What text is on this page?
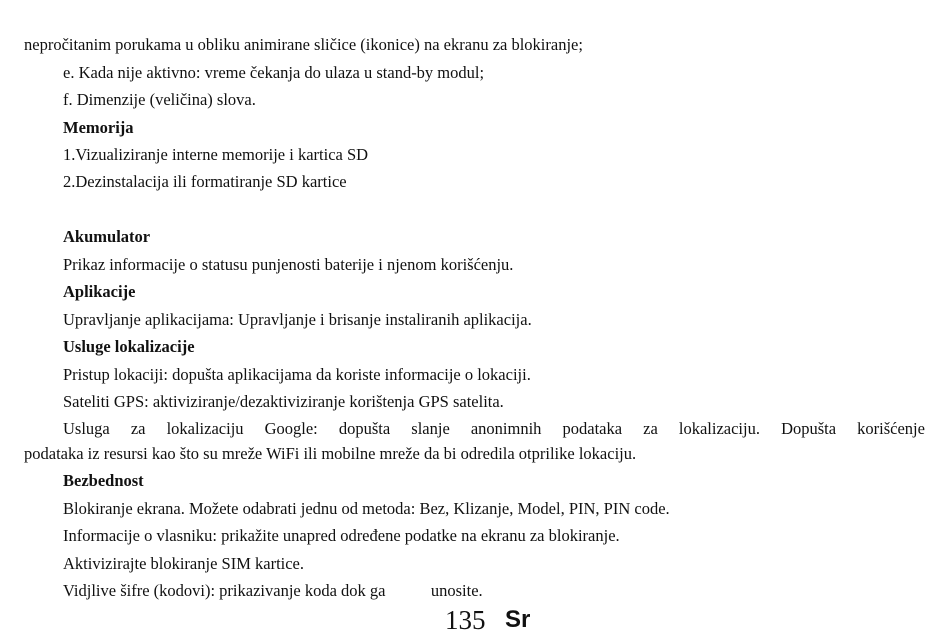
nepročitanim porukama u obliku animirane sličice (ikonice) na ekranu za blokiranje;
e. Kada nije aktivno: vreme čekanja do ulaza u stand-by modul;
f. Dimenzije (veličina) slova.
Memorija
1.Vizualiziranje interne memorije i kartica SD
2.Dezinstalacija ili formatiranje SD kartice
Akumulator
Prikaz informacije o statusu punjenosti baterije i njenom korišćenju.
Aplikacije
Upravljanje aplikacijama: Upravljanje i brisanje instaliranih aplikacija.
Usluge lokalizacije
Pristup lokaciji: dopušta aplikacijama da koriste informacije o lokaciji.
Sateliti GPS: aktiviziranje/dezaktiviziranje korištenja GPS satelita.
Usluga za lokalizaciju Google: dopušta slanje anonimnih podataka za lokalizaciju. Dopušta korišćenje
podataka iz resursi kao što su mreže WiFi ili mobilne mreže da bi odredila otprilike lokaciju.
Bezbednost
Blokiranje ekrana. Možete odabrati jednu od metoda: Bez, Klizanje, Model, PIN, PIN code.
Informacije o vlasniku: prikažite unapred određene podatke na ekranu za blokiranje.
Aktivizirajte blokiranje SIM kartice.
Vidjlive šifre (kodovi): prikazivanje koda dok ga           unosite.
135 Sr
